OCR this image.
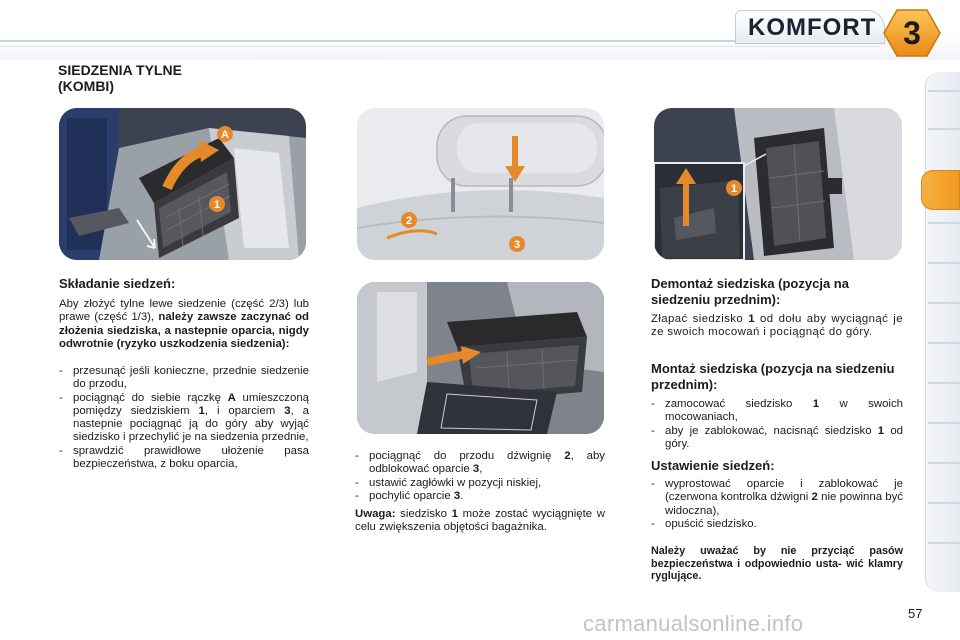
KOMFORT 3
SIEDZENIA TYLNE
(KOMBI)
A
1
2
3
1
Składanie siedzeń:

Aby złożyć tylne lewe siedzenie (część 2/3) lub prawe (część 1/3), należy zawsze zaczynać od złożenia siedziska, a nastepnie oparcia, nigdy odwrotnie (ryzyko uszkodzenia siedzenia):

- przesunąć jeśli konieczne, przednie siedzenie do przodu,
- pociągnąć do siebie rączkę A umieszczoną pomiędzy siedziskiem 1, i oparciem 3, a nastepnie pociągnąć ją do góry aby wyjąć siedzisko i przechylić je na siedzenia przednie,
- sprawdzić prawidłowe ułożenie pasa bezpieczeństwa, z boku oparcia,
- pociągnąć do przodu dźwignię 2, aby odblokować oparcie 3,
- ustawić zagłówki w pozycji niskiej,
- pochylić oparcie 3.

Uwaga: siedzisko 1 może zostać wyciągnięte w celu zwiększenia objętości bagażnika.

Demontaż siedziska (pozycja na siedzeniu przednim):

Złapać siedzisko 1 od dołu aby wyciągnąć je ze swoich mocowań i pociągnąć do góry.

Montaż siedziska (pozycja na siedzeniu przednim):
- zamocować siedzisko 1 w swoich mocowaniach,
- aby je zablokować, nacisnąć siedzisko 1 od góry.
Ustawienie siedzeń:
- wyprostować oparcie i zablokować je (czerwona kontrolka dźwigni 2 nie powinna być widoczna),
- opuścić siedzisko.

Należy uważać by nie przyciąć pasów bezpieczeństwa i odpowiednio usta- wić klamry ryglujące.

carmanualsonline.info	57
